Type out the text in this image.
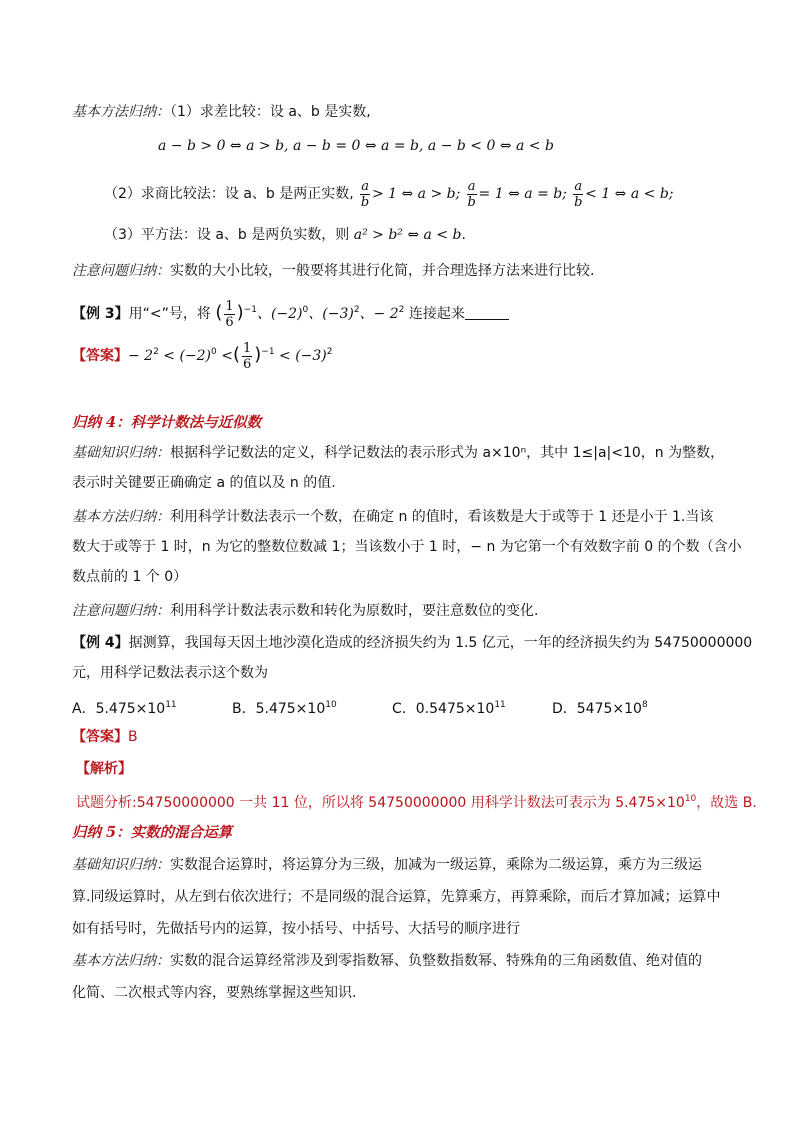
基本方法归纳：（1）求差比较：设 a、b 是实数,
a − b > 0 ⇔ a > b, a − b = 0 ⇔ a = b, a − b < 0 ⇔ a < b
（2）求商比较法：设 a、b 是两正实数, $\frac{a}{b} > 1$ ⇔ a > b; $\frac{a}{b} = 1$ ⇔ a = b; $\frac{a}{b} < 1$ ⇔ a < b;
（3）平方法：设 a、b 是两负实数，则 a² > b² ⇔ a < b.
注意问题归纳：实数的大小比较，一般要将其进行化简，并合理选择方法来进行比较.
【例 3】用“<”号，将 ( $\frac{1}{6} )^{-1}$、$(-2)^0$、$(-3)^2$、− $2^2$ 连接起来
【答案】− $2^2 < (-2)^0$ <( $\frac{1}{6} )^{-1} < (-3)^2$
归纳 4：科学计数法与近似数
基础知识归纳：根据科学记数法的定义，科学记数法的表示形式为 a×10ⁿ，其中 1≤|a|<10，n 为整数，
表示时关键要正确确定 a 的值以及 n 的值.
基本方法归纳：利用科学计数法表示一个数，在确定 n 的值时，看该数是大于或等于 1 还是小于 1.当该
数大于或等于 1 时，n 为它的整数位数减 1；当该数小于 1 时，− n 为它第一个有效数字前 0 的个数（含小
数点前的 1 个 0）
注意问题归纳：利用科学计数法表示数和转化为原数时，要注意数位的变化.
【例 4】据测算，我国每天因土地沙漠化造成的经济损失约为 1.5 亿元，一年的经济损失约为 54750000000
元，用科学记数法表示这个数为
A．$5.475\times 10^{11}$	B．$5.475\times 10^{10}$	C．$0.5475\times 10^{11}$	D．$5475\times 10^8$
【答案】B
【解析】
试题分析:54750000000 一共 11 位，所以将 54750000000 用科学计数法可表示为 $5.475\times 10^{10}$，故选 B.
归纳 5：实数的混合运算
基础知识归纳：实数混合运算时，将运算分为三级，加减为一级运算，乘除为二级运算，乘方为三级运
算.同级运算时，从左到右依次进行；不是同级的混合运算，先算乘方，再算乘除，而后才算加减；运算中
如有括号时，先做括号内的运算，按小括号、中括号、大括号的顺序进行
基本方法归纳：实数的混合运算经常涉及到零指数幂、负整数指数幂、特殊角的三角函数值、绝对值的
化简、二次根式等内容，要熟练掌握这些知识.
